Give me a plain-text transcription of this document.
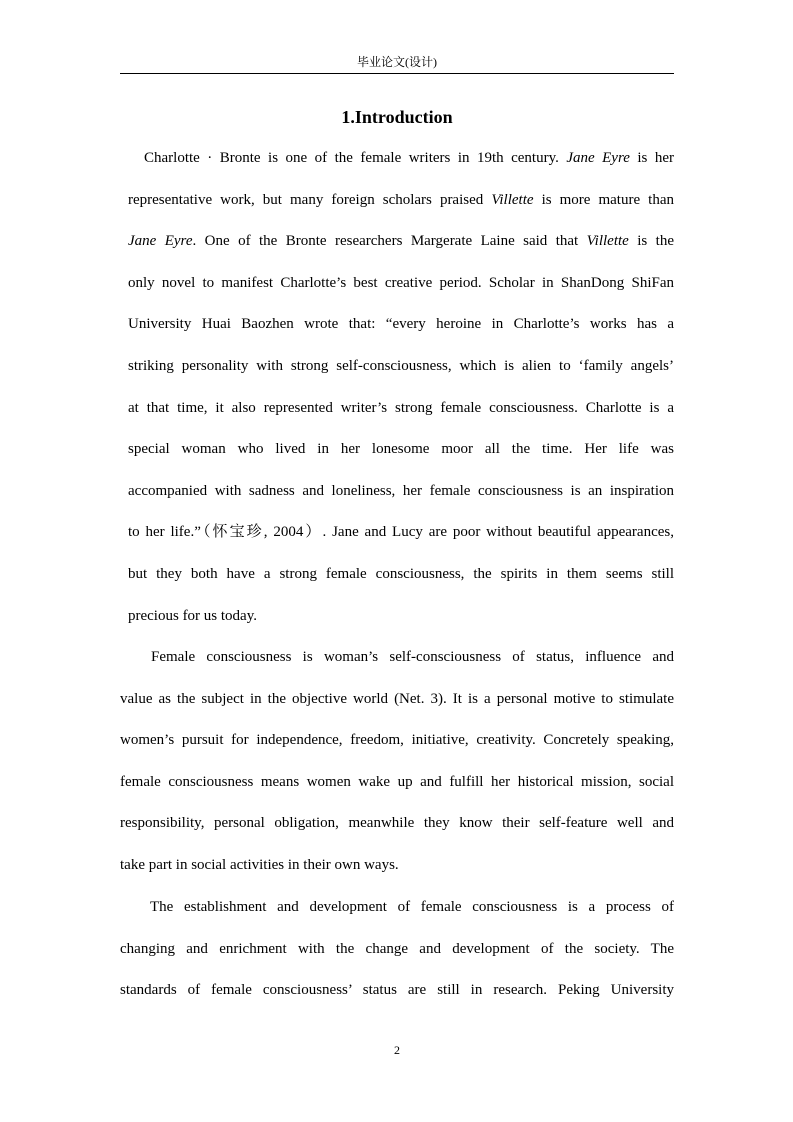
毕业论文(设计)
1.Introduction
Charlotte · Bronte is one of the female writers in 19th century. Jane Eyre is her
representative work, but many foreign scholars praised Villette is more mature than
Jane Eyre. One of the Bronte researchers Margerate Laine said that Villette is the
only novel to manifest Charlotte’s best creative period. Scholar in ShanDong ShiFan
University Huai Baozhen wrote that: “every heroine in Charlotte’s works has a
striking personality with strong self-consciousness, which is alien to ‘family angels’
at that time, it also represented writer’s strong female consciousness. Charlotte is a
special woman who lived in her lonesome moor all the time. Her life was
accompanied with sadness and loneliness, her female consciousness is an inspiration
to her life.”（怀宝珍, 2004）. Jane and Lucy are poor without beautiful appearances,
but they both have a strong female consciousness, the spirits in them seems still
precious for us today.
Female consciousness is woman’s self-consciousness of status, influence and
value as the subject in the objective world (Net. 3). It is a personal motive to stimulate
women’s pursuit for independence, freedom, initiative, creativity. Concretely speaking,
female consciousness means women wake up and fulfill her historical mission, social
responsibility, personal obligation, meanwhile they know their self-feature well and
take part in social activities in their own ways.
The establishment and development of female consciousness is a process of
changing and enrichment with the change and development of the society. The
standards of female consciousness’ status are still in research. Peking University
2
